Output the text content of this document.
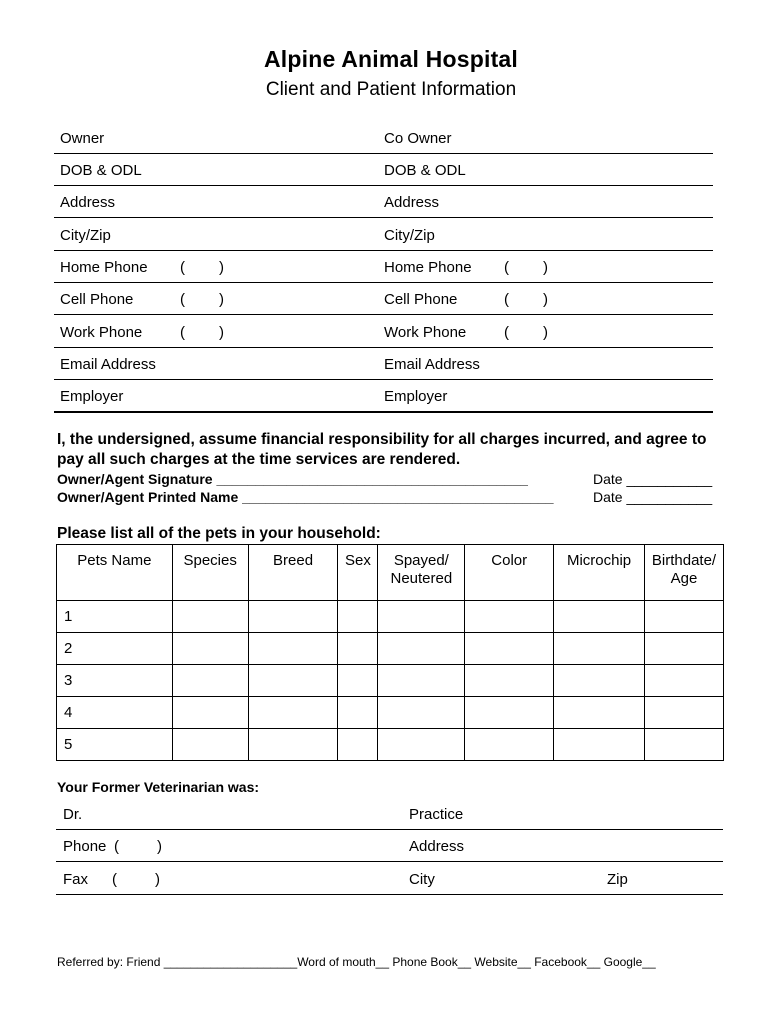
Alpine Animal Hospital
Client and Patient Information
Owner	Co Owner
DOB & ODL	DOB & ODL
Address	Address
City/Zip	City/Zip
Home Phone ( )	Home Phone ( )
Cell Phone	( )	Cell Phone	( )
Work Phone	( )	Work Phone	( )
Email Address	Email Address
Employer	Employer
I, the undersigned, assume financial responsibility for all charges incurred, and agree to pay all such charges at the time services are rendered.
Owner/Agent Signature ________________________________________	Date ___________
Owner/Agent Printed Name ________________________________________	Date ___________
Please list all of the pets in your household:
Pets Name	Species	Breed	Sex	Spayed/ Neutered	Color	Microchip	Birthdate/ Age
1							
2							
3							
4							
5							
Your Former Veterinarian was:
Dr.	Practice
Phone (	)	Address
Fax (	)	City	Zip
Referred by: Friend ____________________Word of mouth__ Phone Book__ Website__ Facebook__ Google__
